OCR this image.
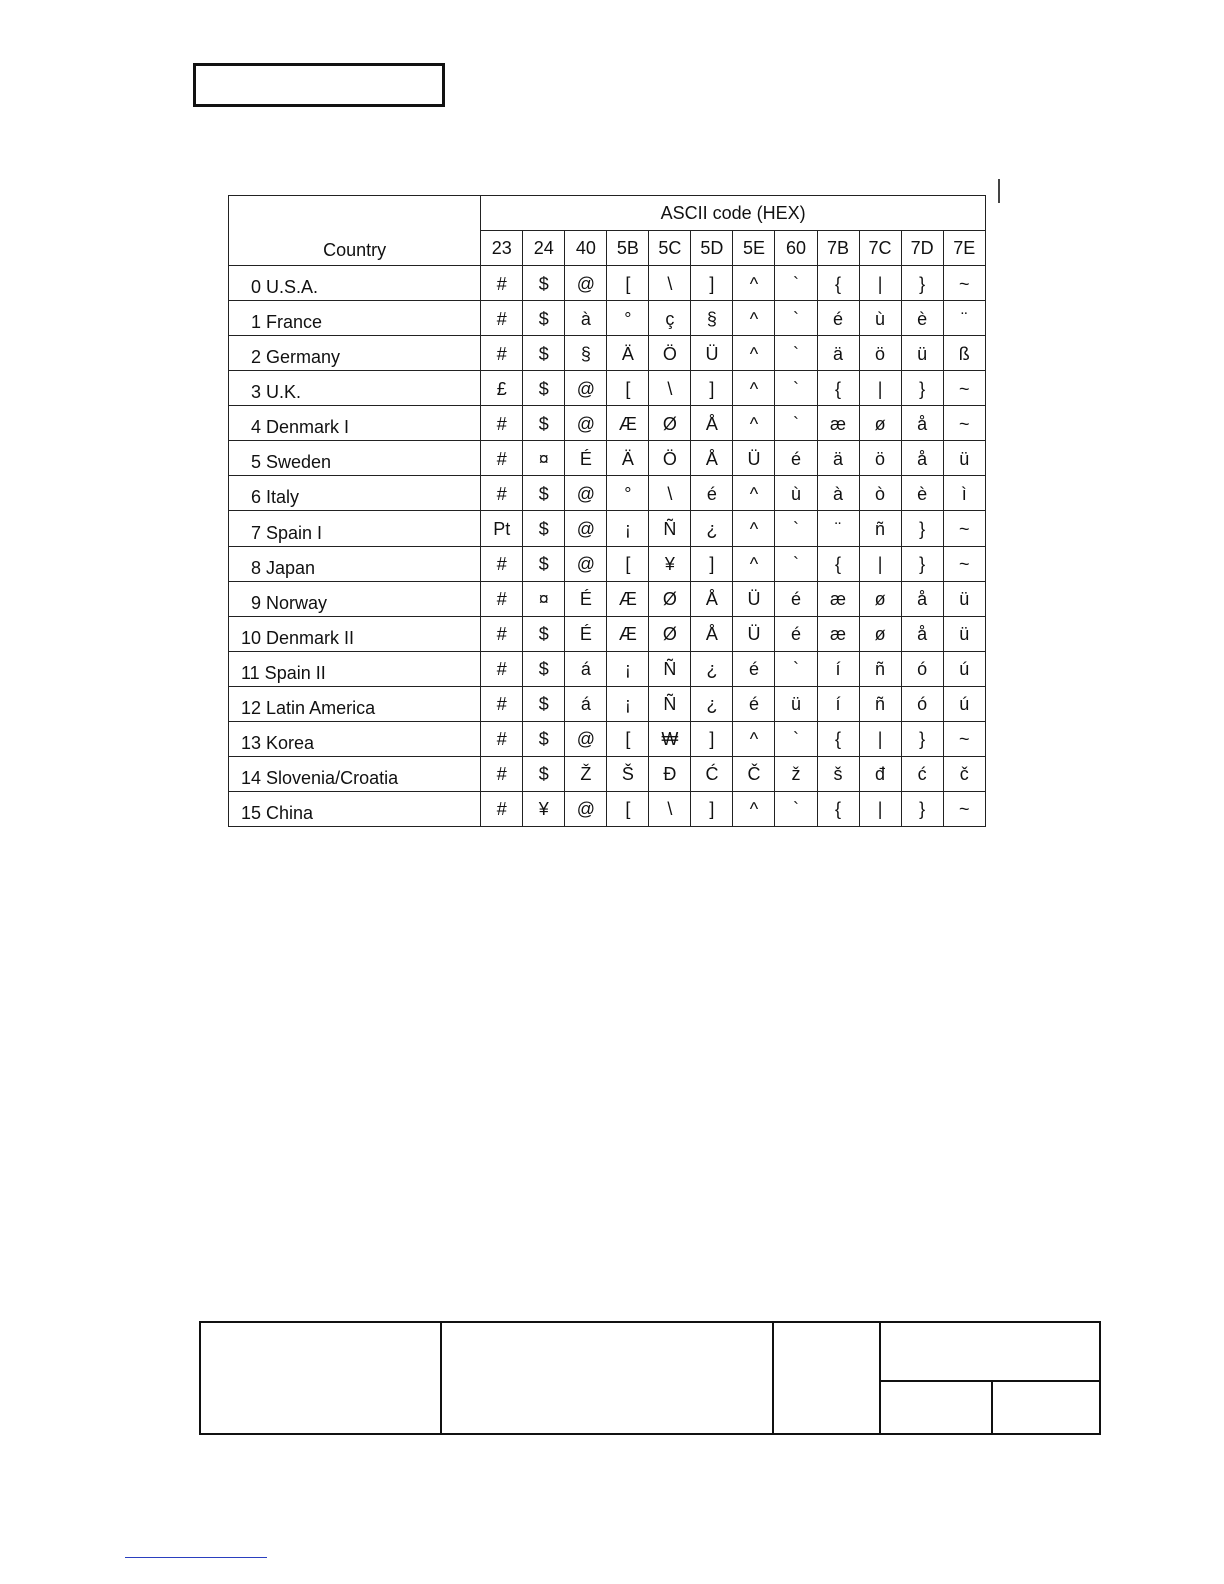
Country	ASCII code (HEX)											
	23	24	40	5B	5C	5D	5E	60	7B	7C	7D	7E
0 U.S.A.	#	$	@	[	\	]	^	`	{	|	}	~
1 France	#	$	à	°	ç	§	^	`	é	ù	è	¨
2 Germany	#	$	§	Ä	Ö	Ü	^	`	ä	ö	ü	ß
3 U.K.	£	$	@	[	\	]	^	`	{	|	}	~
4 Denmark I	#	$	@	Æ	Ø	Å	^	`	æ	ø	å	~
5 Sweden	#	¤	É	Ä	Ö	Å	Ü	é	ä	ö	å	ü
6 Italy	#	$	@	°	\	é	^	ù	à	ò	è	ì
7 Spain I	Pt	$	@	¡	Ñ	¿	^	`	¨	ñ	}	~
8 Japan	#	$	@	[	¥	]	^	`	{	|	}	~
9 Norway	#	¤	É	Æ	Ø	Å	Ü	é	æ	ø	å	ü
10 Denmark II	#	$	É	Æ	Ø	Å	Ü	é	æ	ø	å	ü
11 Spain II	#	$	á	¡	Ñ	¿	é	`	í	ñ	ó	ú
12 Latin America	#	$	á	¡	Ñ	¿	é	ü	í	ñ	ó	ú
13 Korea	#	$	@	[	₩	]	^	`	{	|	}	~
14 Slovenia/Croatia	#	$	Ž	Š	Đ	Ć	Č	ž	š	đ	ć	č
15 China	#	¥	@	[	\	]	^	`	{	|	}	~
